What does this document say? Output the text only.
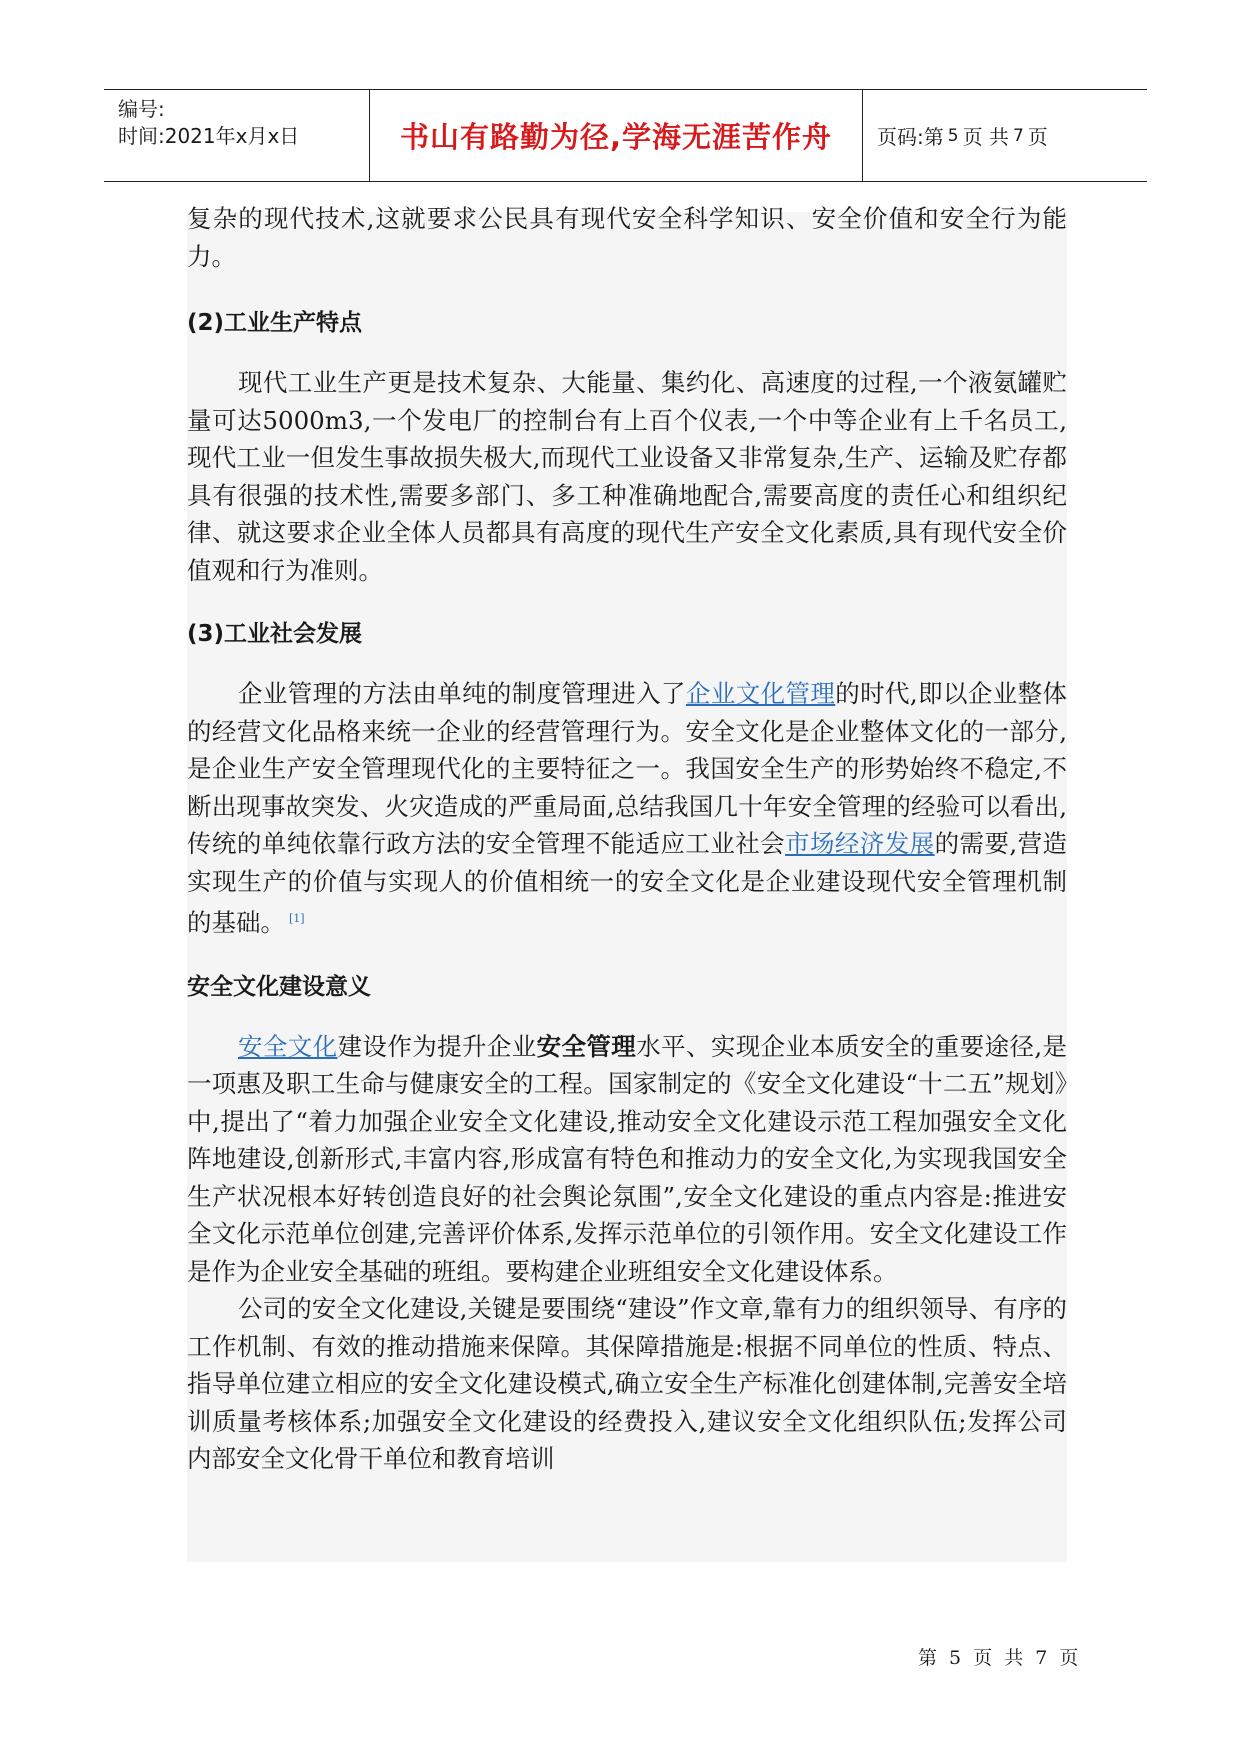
编号:
时间:2021年x月x日	书山有路勤为径,学海无涯苦作舟 页码:第 5 页 共 7 页

复杂的现代技术,这就要求公民具有现代安全科学知识、安全价值和安全行为能力。

(2)工业生产特点

现代工业生产更是技术复杂、大能量、集约化、高速度的过程,一个液氨罐贮量可达5000m3,一个发电厂的控制台有上百个仪表,一个中等企业有上千名员工,现代工业一但发生事故损失极大,而现代工业设备又非常复杂,生产、运输及贮存都具有很强的技术性,需要多部门、多工种准确地配合,需要高度的责任心和组织纪律、就这要求企业全体人员都具有高度的现代生产安全文化素质,具有现代安全价值观和行为准则。

(3)工业社会发展

企业管理的方法由单纯的制度管理进入了企业文化管理的时代,即以企业整体的经营文化品格来统一企业的经营管理行为。安全文化是企业整体文化的一部分,是企业生产安全管理现代化的主要特征之一。我国安全生产的形势始终不稳定,不断出现事故突发、火灾造成的严重局面,总结我国几十年安全管理的经验可以看出,传统的单纯依靠行政方法的安全管理不能适应工业社会市场经济发展的需要,营造实现生产的价值与实现人的价值相统一的安全文化是企业建设现代安全管理机制的基础。 [1]

安全文化建设意义

安全文化建设作为提升企业安全管理水平、实现企业本质安全的重要途径,是一项惠及职工生命与健康安全的工程。国家制定的《安全文化建设“十二五”规划》中,提出了“着力加强企业安全文化建设,推动安全文化建设示范工程加强安全文化阵地建设,创新形式,丰富内容,形成富有特色和推动力的安全文化,为实现我国安全生产状况根本好转创造良好的社会舆论氛围”,安全文化建设的重点内容是:推进安全文化示范单位创建,完善评价体系,发挥示范单位的引领作用。安全文化建设工作是作为企业安全基础的班组。要构建企业班组安全文化建设体系。

公司的安全文化建设,关键是要围绕“建设”作文章,靠有力的组织领导、有序的工作机制、有效的推动措施来保障。其保障措施是:根据不同单位的性质、特点、指导单位建立相应的安全文化建设模式,确立安全生产标准化创建体制,完善安全培训质量考核体系;加强安全文化建设的经费投入,建议安全文化组织队伍;发挥公司内部安全文化骨干单位和教育培训

第 5 页 共 7 页
